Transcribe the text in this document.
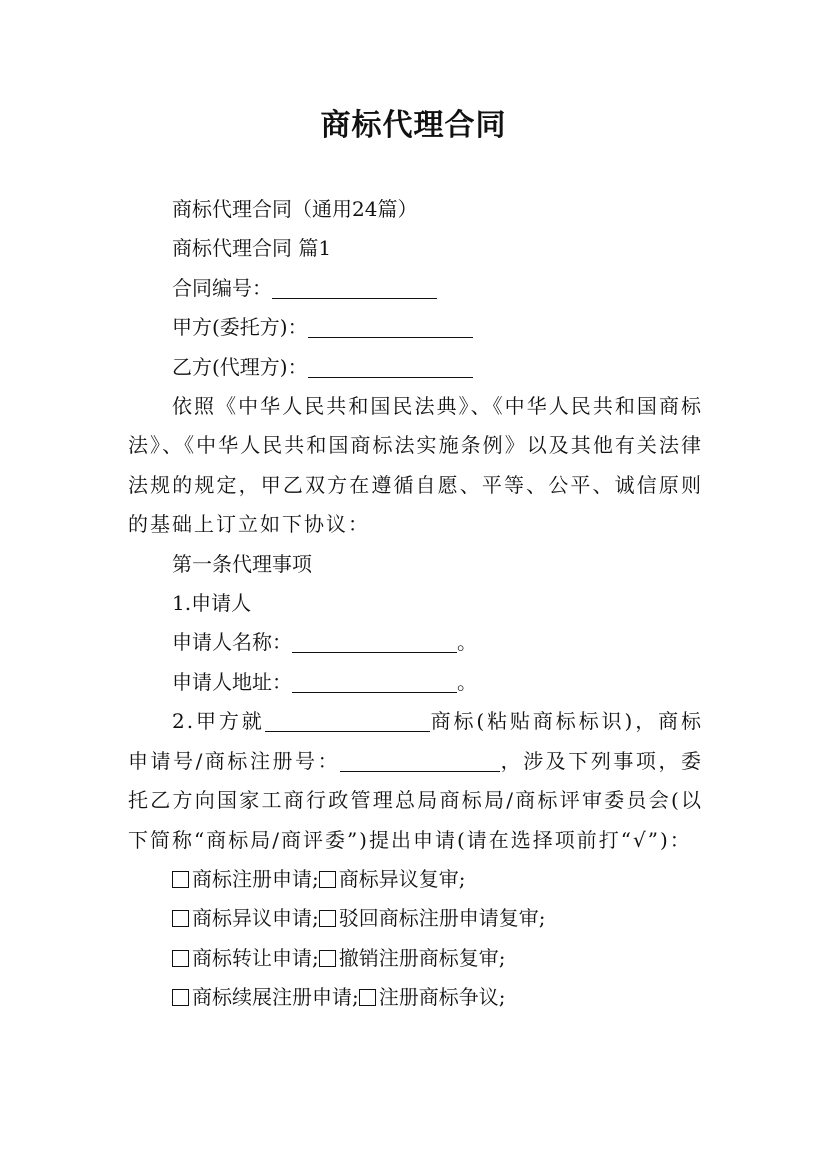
商标代理合同

商标代理合同（通用24篇）

商标代理合同 篇1

合同编号：

甲方(委托方)：

乙方(代理方)：

依照《中华人民共和国民法典》、《中华人民共和国商标法》、《中华人民共和国商标法实施条例》以及其他有关法律法规的规定，甲乙双方在遵循自愿、平等、公平、诚信原则的基础上订立如下协议：

第一条代理事项

1.申请人

申请人名称：	。

申请人地址：	。

2.甲方就	商标(粘贴商标标识)，商标申请号/商标注册号：	，涉及下列事项，委托乙方向国家工商行政管理总局商标局/商标评审委员会(以下简称“商标局/商评委”)提出申请(请在选择项前打“√”)：

商标注册申请; 商标异议复审;

商标异议申请; 驳回商标注册申请复审;

商标转让申请; 撤销注册商标复审;

商标续展注册申请; 注册商标争议;
